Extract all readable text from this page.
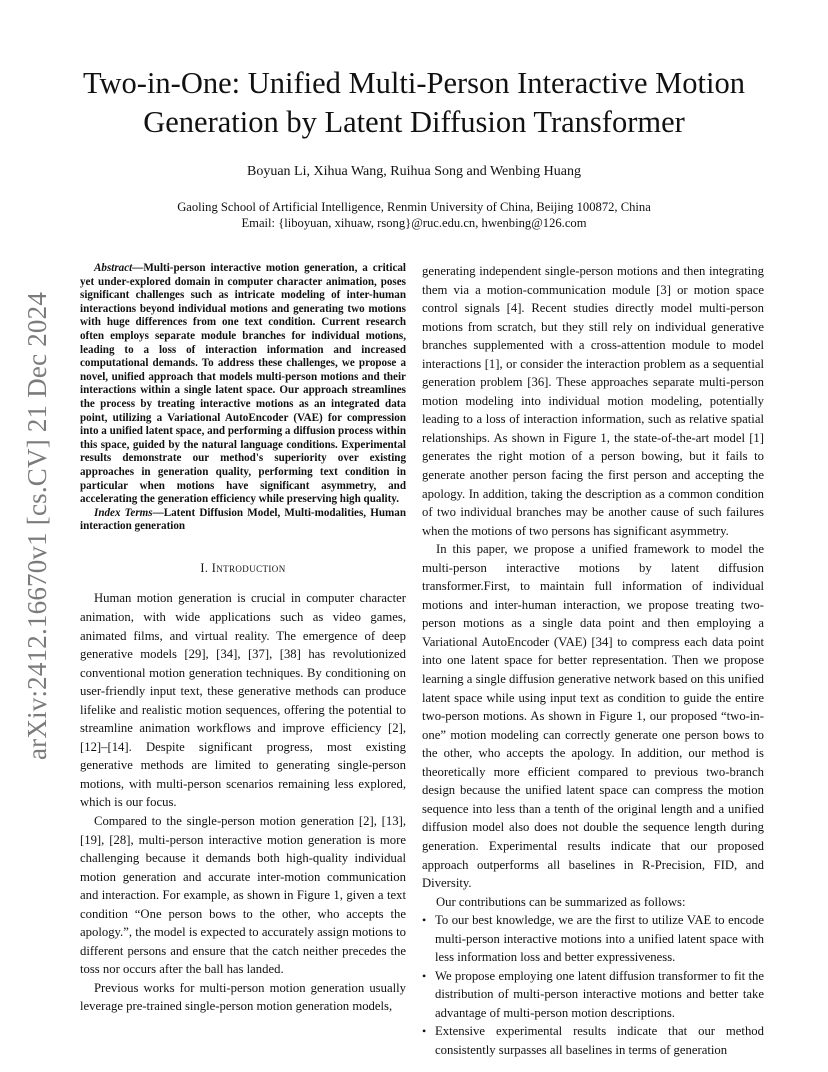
arXiv:2412.16670v1 [cs.CV] 21 Dec 2024
Two-in-One: Unified Multi-Person Interactive Motion Generation by Latent Diffusion Transformer
Boyuan Li, Xihua Wang, Ruihua Song and Wenbing Huang
Gaoling School of Artificial Intelligence, Renmin University of China, Beijing 100872, China
Email: {liboyuan, xihuaw, rsong}@ruc.edu.cn, hwenbing@126.com

Abstract—Multi-person interactive motion generation, a critical yet under-explored domain in computer character animation, poses significant challenges such as intricate modeling of inter-human interactions beyond individual motions and generating two motions with huge differences from one text condition. Current research often employs separate module branches for individual motions, leading to a loss of interaction information and increased computational demands. To address these challenges, we propose a novel, unified approach that models multi-person motions and their interactions within a single latent space. Our approach streamlines the process by treating interactive motions as an integrated data point, utilizing a Variational AutoEncoder (VAE) for compression into a unified latent space, and performing a diffusion process within this space, guided by the natural language conditions. Experimental results demonstrate our method's superiority over existing approaches in generation quality, performing text condition in particular when motions have significant asymmetry, and accelerating the generation efficiency while preserving high quality.

Index Terms—Latent Diffusion Model, Multi-modalities, Human interaction generation

I. Introduction

Human motion generation is crucial in computer character animation, with wide applications such as video games, animated films, and virtual reality. The emergence of deep generative models [29], [34], [37], [38] has revolutionized conventional motion generation techniques. By conditioning on user-friendly input text, these generative methods can produce lifelike and realistic motion sequences, offering the potential to streamline animation workflows and improve efficiency [2], [12]–[14]. Despite significant progress, most existing generative methods are limited to generating single-person motions, with multi-person scenarios remaining less explored, which is our focus.

Compared to the single-person motion generation [2], [13], [19], [28], multi-person interactive motion generation is more challenging because it demands both high-quality individual motion generation and accurate inter-motion communication and interaction. For example, as shown in Figure 1, given a text condition “One person bows to the other, who accepts the apology.”, the model is expected to accurately assign motions to different persons and ensure that the catch neither precedes the toss nor occurs after the ball has landed.

Previous works for multi-person motion generation usually leverage pre-trained single-person motion generation models,

generating independent single-person motions and then integrating them via a motion-communication module [3] or motion space control signals [4]. Recent studies directly model multi-person motions from scratch, but they still rely on individual generative branches supplemented with a cross-attention module to model interactions [1], or consider the interaction problem as a sequential generation problem [36]. These approaches separate multi-person motion modeling into individual motion modeling, potentially leading to a loss of interaction information, such as relative spatial relationships. As shown in Figure 1, the state-of-the-art model [1] generates the right motion of a person bowing, but it fails to generate another person facing the first person and accepting the apology. In addition, taking the description as a common condition of two individual branches may be another cause of such failures when the motions of two persons has significant asymmetry.

In this paper, we propose a unified framework to model the multi-person interactive motions by latent diffusion transformer.First, to maintain full information of individual motions and inter-human interaction, we propose treating two-person motions as a single data point and then employing a Variational AutoEncoder (VAE) [34] to compress each data point into one latent space for better representation. Then we propose learning a single diffusion generative network based on this unified latent space while using input text as condition to guide the entire two-person motions. As shown in Figure 1, our proposed “two-in-one” motion modeling can correctly generate one person bows to the other, who accepts the apology. In addition, our method is theoretically more efficient compared to previous two-branch design because the unified latent space can compress the motion sequence into less than a tenth of the original length and a unified diffusion model also does not double the sequence length during generation. Experimental results indicate that our proposed approach outperforms all baselines in R-Precision, FID, and Diversity.

Our contributions can be summarized as follows:

• To our best knowledge, we are the first to utilize VAE to encode multi-person interactive motions into a unified latent space with less information loss and better expressiveness.
• We propose employing one latent diffusion transformer to fit the distribution of multi-person interactive motions and better take advantage of multi-person motion descriptions.
• Extensive experimental results indicate that our method consistently surpasses all baselines in terms of generation
